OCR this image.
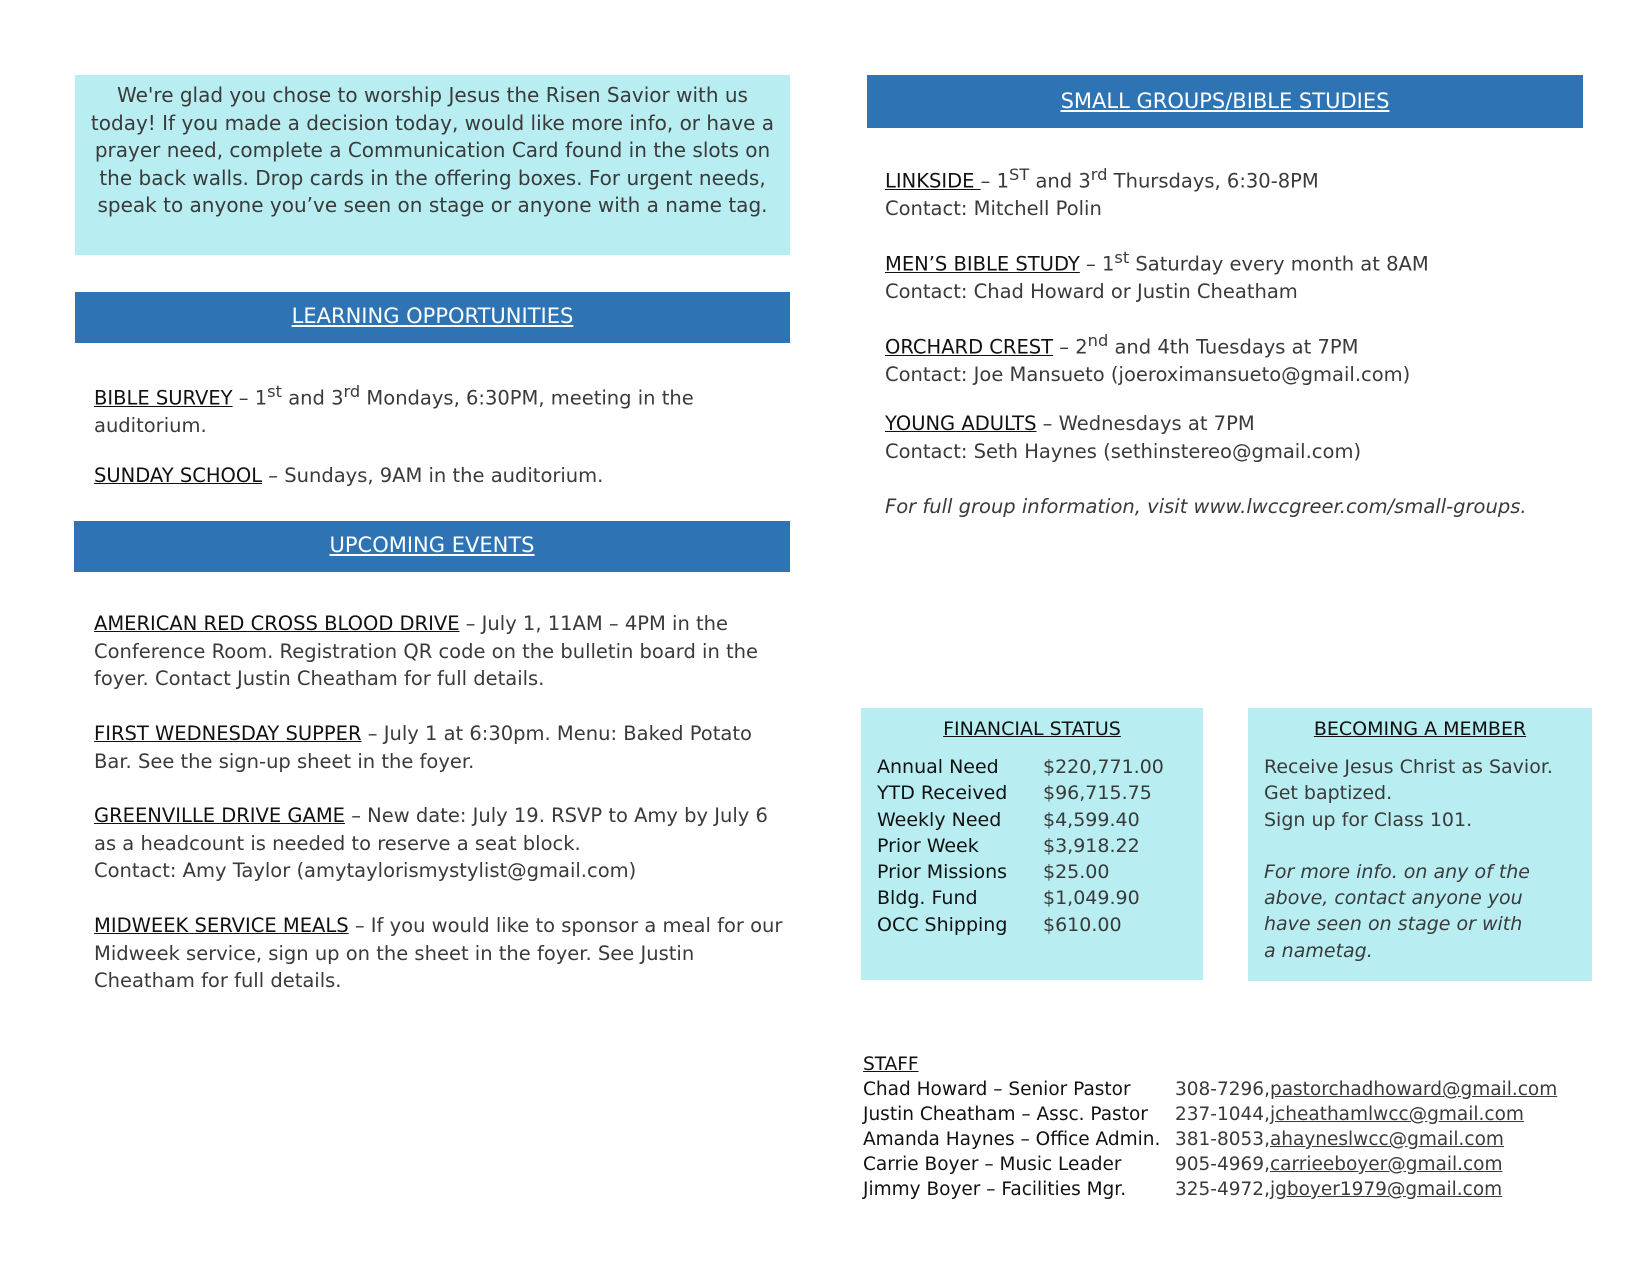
We're glad you chose to worship Jesus the Risen Savior with us today! If you made a decision today, would like more info, or have a prayer need, complete a Communication Card found in the slots on the back walls. Drop cards in the offering boxes. For urgent needs, speak to anyone you’ve seen on stage or anyone with a name tag.
LEARNING OPPORTUNITIES
BIBLE SURVEY – 1st and 3rd Mondays, 6:30PM, meeting in the auditorium.
SUNDAY SCHOOL – Sundays, 9AM in the auditorium.
UPCOMING EVENTS
AMERICAN RED CROSS BLOOD DRIVE – July 1, 11AM – 4PM in the Conference Room. Registration QR code on the bulletin board in the foyer. Contact Justin Cheatham for full details.
FIRST WEDNESDAY SUPPER – July 1 at 6:30pm. Menu: Baked Potato Bar. See the sign-up sheet in the foyer.
GREENVILLE DRIVE GAME – New date: July 19. RSVP to Amy by July 6 as a headcount is needed to reserve a seat block.
Contact: Amy Taylor (amytaylorismystylist@gmail.com)
MIDWEEK SERVICE MEALS – If you would like to sponsor a meal for our Midweek service, sign up on the sheet in the foyer. See Justin Cheatham for full details.
SMALL GROUPS/BIBLE STUDIES
LINKSIDE – 1ST and 3rd Thursdays, 6:30-8PM
Contact: Mitchell Polin
MEN’S BIBLE STUDY – 1st Saturday every month at 8AM
Contact: Chad Howard or Justin Cheatham
ORCHARD CREST – 2nd and 4th Tuesdays at 7PM
Contact: Joe Mansueto (joeroximansueto@gmail.com)
YOUNG ADULTS – Wednesdays at 7PM
Contact: Seth Haynes (sethinstereo@gmail.com)
For full group information, visit www.lwccgreer.com/small-groups.
FINANCIAL STATUS
Annual Need	$220,771.00
YTD Received	$96,715.75
Weekly Need	$4,599.40
Prior Week	$3,918.22
Prior Missions	$25.00
Bldg. Fund	$1,049.90
OCC Shipping	$610.00
BECOMING A MEMBER
Receive Jesus Christ as Savior.
Get baptized.
Sign up for Class 101.
For more info. on any of the
above, contact anyone you
have seen on stage or with
a nametag.
STAFF
Chad Howard – Senior Pastor	308-7296, pastorchadhoward@gmail.com
Justin Cheatham – Assc. Pastor	237-1044, jcheathamlwcc@gmail.com
Amanda Haynes – Office Admin. 381-8053, ahayneslwcc@gmail.com
Carrie Boyer – Music Leader	905-4969, carrieeboyer@gmail.com
Jimmy Boyer – Facilities Mgr.	325-4972, jgboyer1979@gmail.com
